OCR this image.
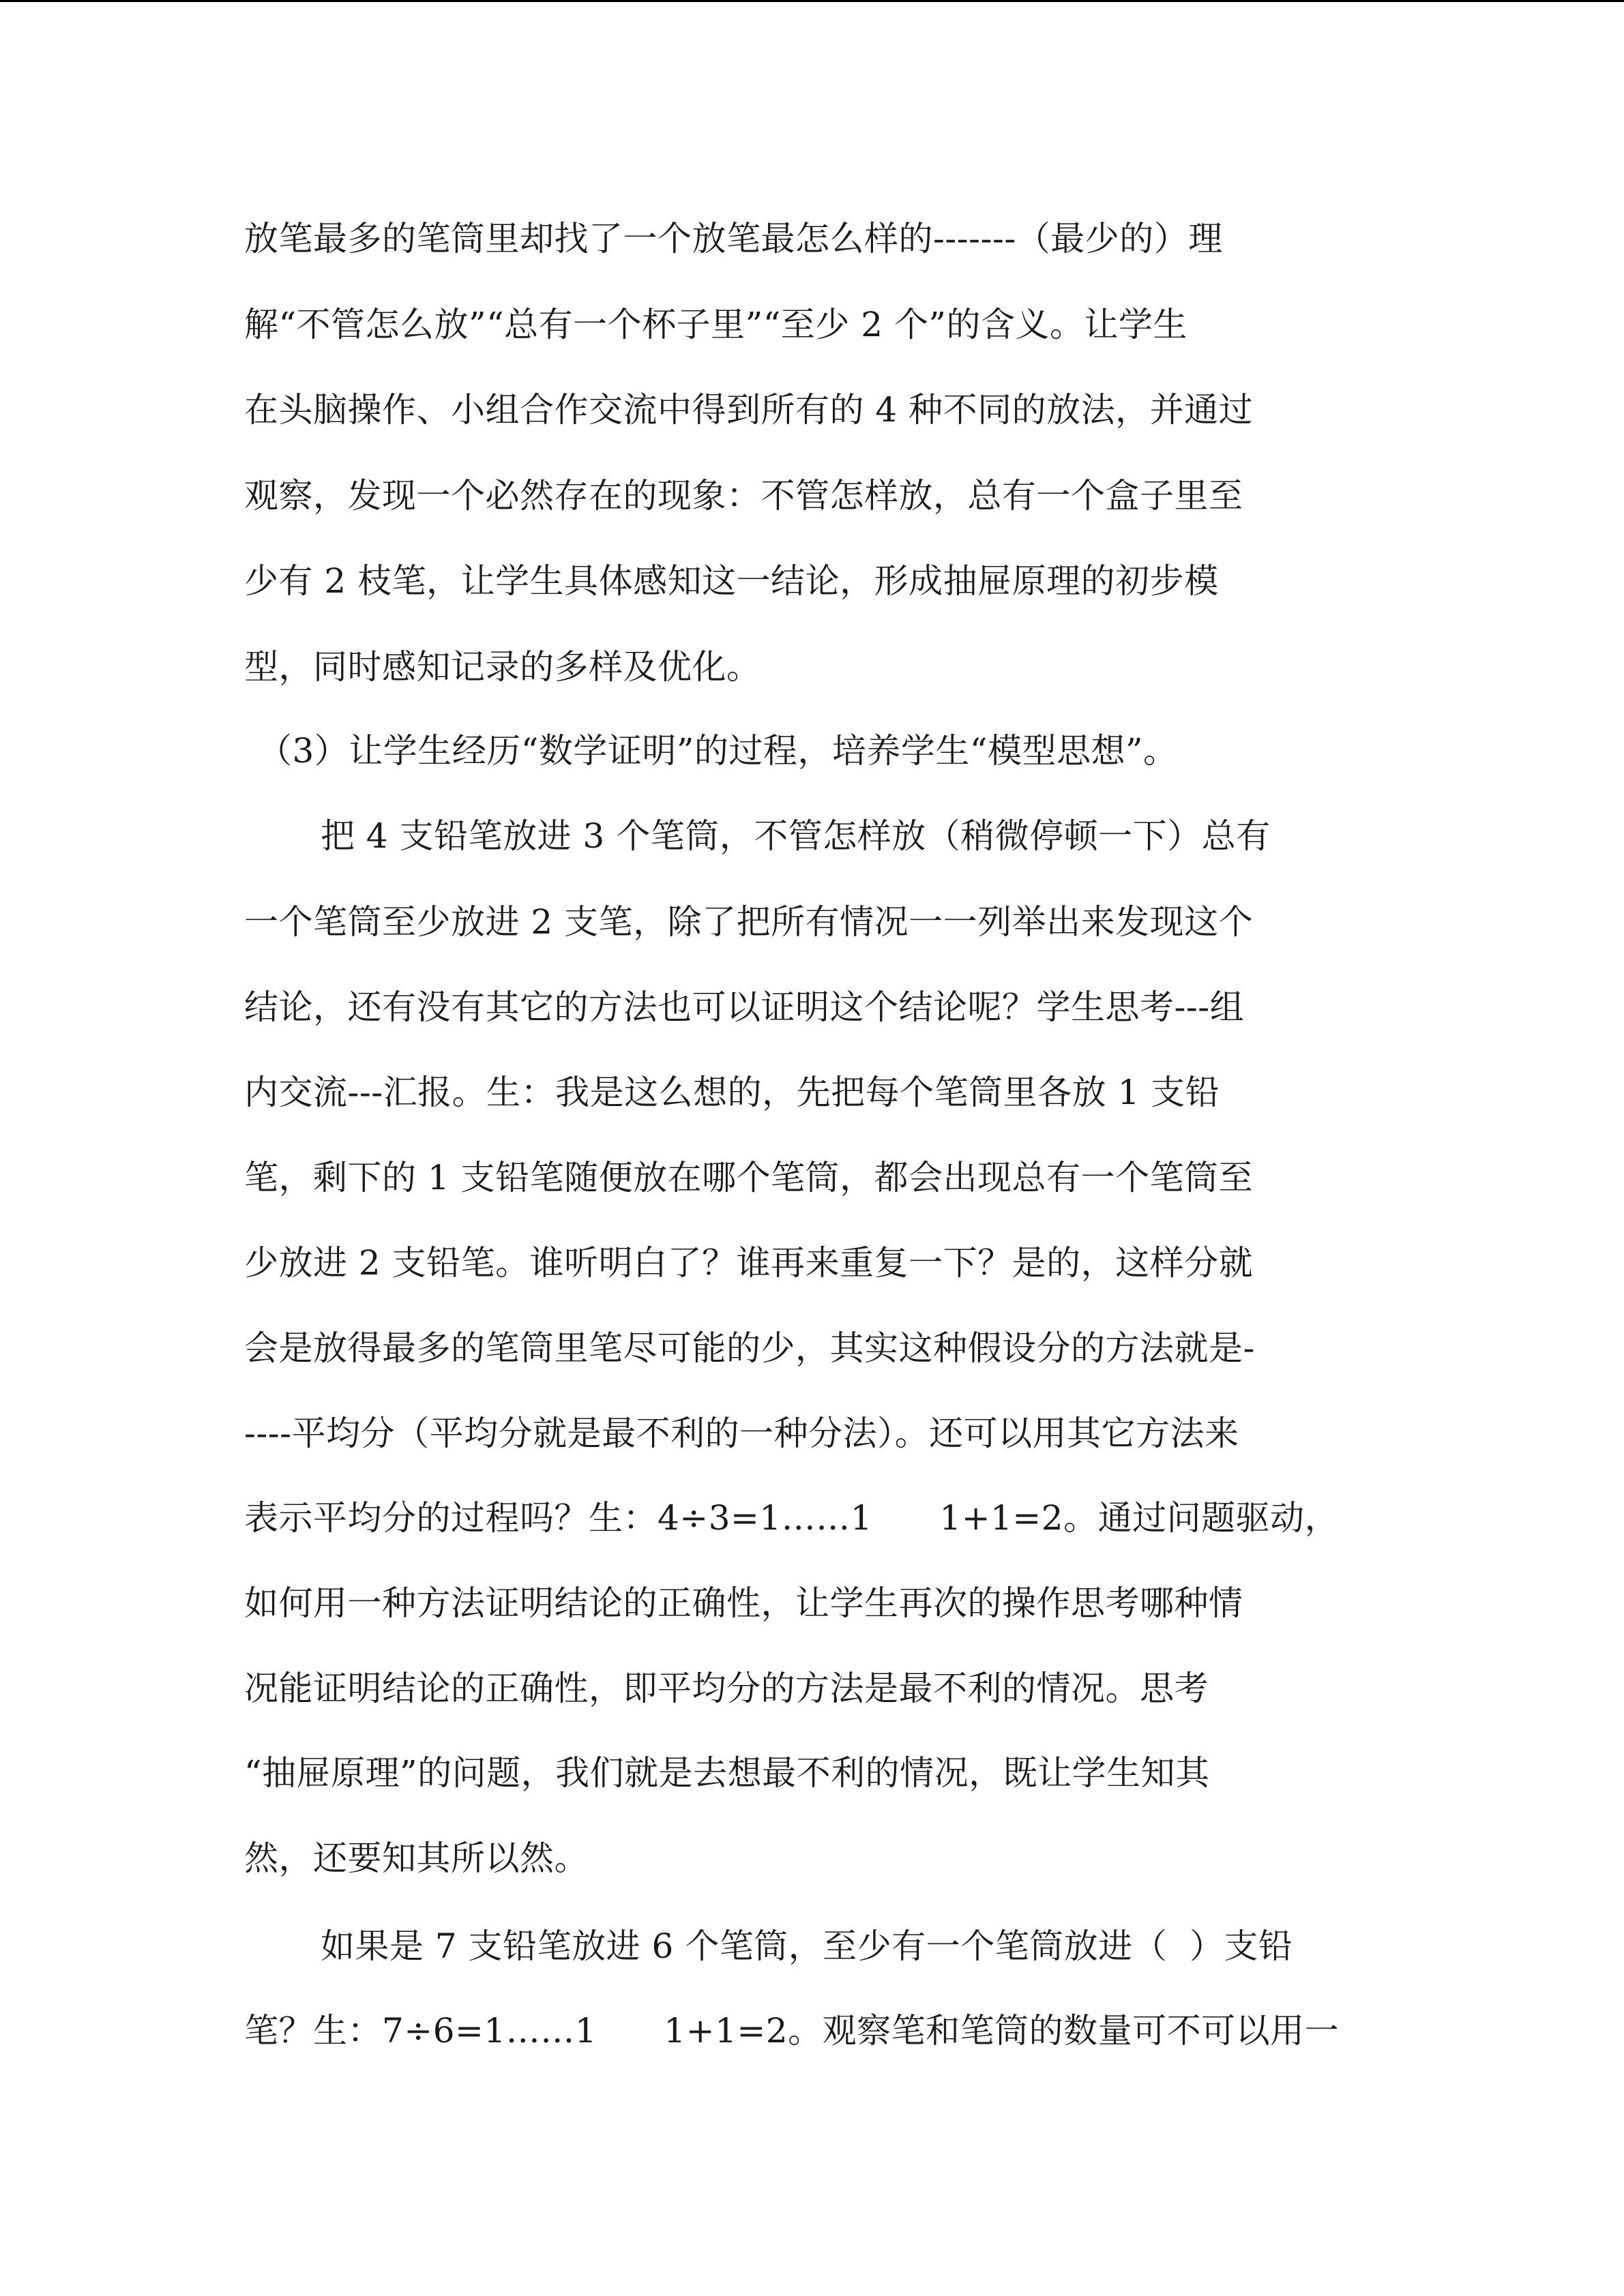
放笔最多的笔筒里却找了一个放笔最怎么样的-------（最少的）理
解“不管怎么放”“总有一个杯子里”“至少 2 个”的含义。让学生
在头脑操作、小组合作交流中得到所有的 4 种不同的放法，并通过
观察，发现一个必然存在的现象：不管怎样放，总有一个盒子里至
少有 2 枝笔，让学生具体感知这一结论，形成抽屉原理的初步模
型，同时感知记录的多样及优化。
（3）让学生经历“数学证明”的过程，培养学生“模型思想”。
把 4 支铅笔放进 3 个笔筒，不管怎样放（稍微停顿一下）总有
一个笔筒至少放进 2 支笔，除了把所有情况一一列举出来发现这个
结论，还有没有其它的方法也可以证明这个结论呢？学生思考---组
内交流---汇报。生：我是这么想的，先把每个笔筒里各放 1 支铅
笔，剩下的 1 支铅笔随便放在哪个笔筒，都会出现总有一个笔筒至
少放进 2 支铅笔。谁听明白了？谁再来重复一下？是的，这样分就
会是放得最多的笔筒里笔尽可能的少，其实这种假设分的方法就是-
----平均分（平均分就是最不利的一种分法）。还可以用其它方法来
表示平均分的过程吗？生：4÷3=1……1      1+1=2。通过问题驱动，
如何用一种方法证明结论的正确性，让学生再次的操作思考哪种情
况能证明结论的正确性，即平均分的方法是最不利的情况。思考
“抽屉原理”的问题，我们就是去想最不利的情况，既让学生知其
然，还要知其所以然。
如果是 7 支铅笔放进 6 个笔筒，至少有一个笔筒放进（  ）支铅
笔？生：7÷6=1……1      1+1=2。观察笔和笔筒的数量可不可以用一
